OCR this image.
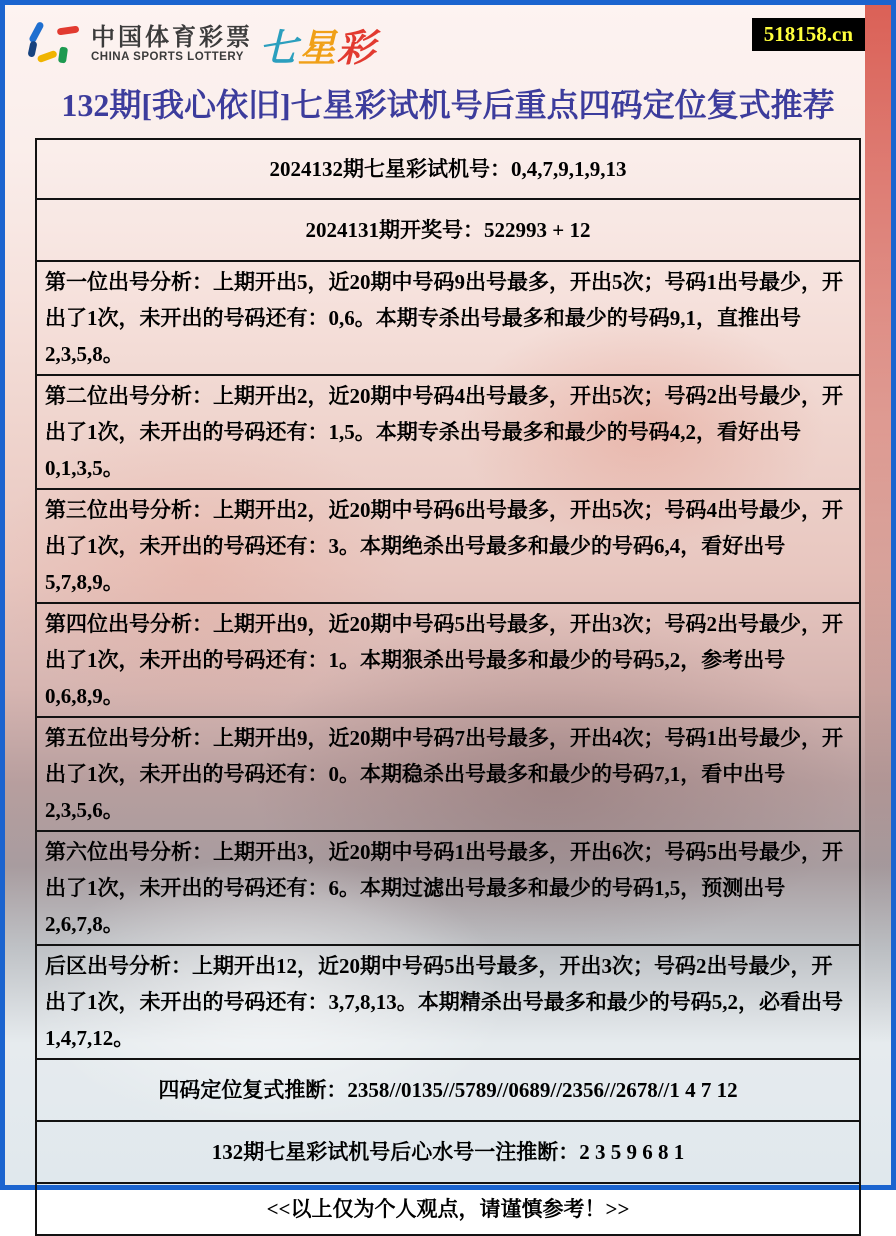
中国体育彩票
CHINA SPORTS LOTTERY 七星彩	518158.cn
132期[我心依旧]七星彩试机号后重点四码定位复式推荐
2024132期七星彩试机号：0,4,7,9,1,9,13
2024131期开奖号：522993 + 12
第一位出号分析：上期开出5，近20期中号码9出号最多，开出5次；号码1出号最少，开出了1次，未开出的号码还有：0,6。本期专杀出号最多和最少的号码9,1，直推出号2,3,5,8。
第二位出号分析：上期开出2，近20期中号码4出号最多，开出5次；号码2出号最少，开出了1次，未开出的号码还有：1,5。本期专杀出号最多和最少的号码4,2，看好出号0,1,3,5。
第三位出号分析：上期开出2，近20期中号码6出号最多，开出5次；号码4出号最少，开出了1次，未开出的号码还有：3。本期绝杀出号最多和最少的号码6,4，看好出号5,7,8,9。
第四位出号分析：上期开出9，近20期中号码5出号最多，开出3次；号码2出号最少，开出了1次，未开出的号码还有：1。本期狠杀出号最多和最少的号码5,2，参考出号0,6,8,9。
第五位出号分析：上期开出9，近20期中号码7出号最多，开出4次；号码1出号最少，开出了1次，未开出的号码还有：0。本期稳杀出号最多和最少的号码7,1，看中出号2,3,5,6。
第六位出号分析：上期开出3，近20期中号码1出号最多，开出6次；号码5出号最少，开出了1次，未开出的号码还有：6。本期过滤出号最多和最少的号码1,5，预测出号2,6,7,8。
后区出号分析：上期开出12，近20期中号码5出号最多，开出3次；号码2出号最少，开出了1次，未开出的号码还有：3,7,8,13。本期精杀出号最多和最少的号码5,2，必看出号1,4,7,12。
四码定位复式推断：2358//0135//5789//0689//2356//2678//1 4 7 12
132期七星彩试机号后心水号一注推断：2 3 5 9 6 8 1
<<以上仅为个人观点，请谨慎参考！>>
